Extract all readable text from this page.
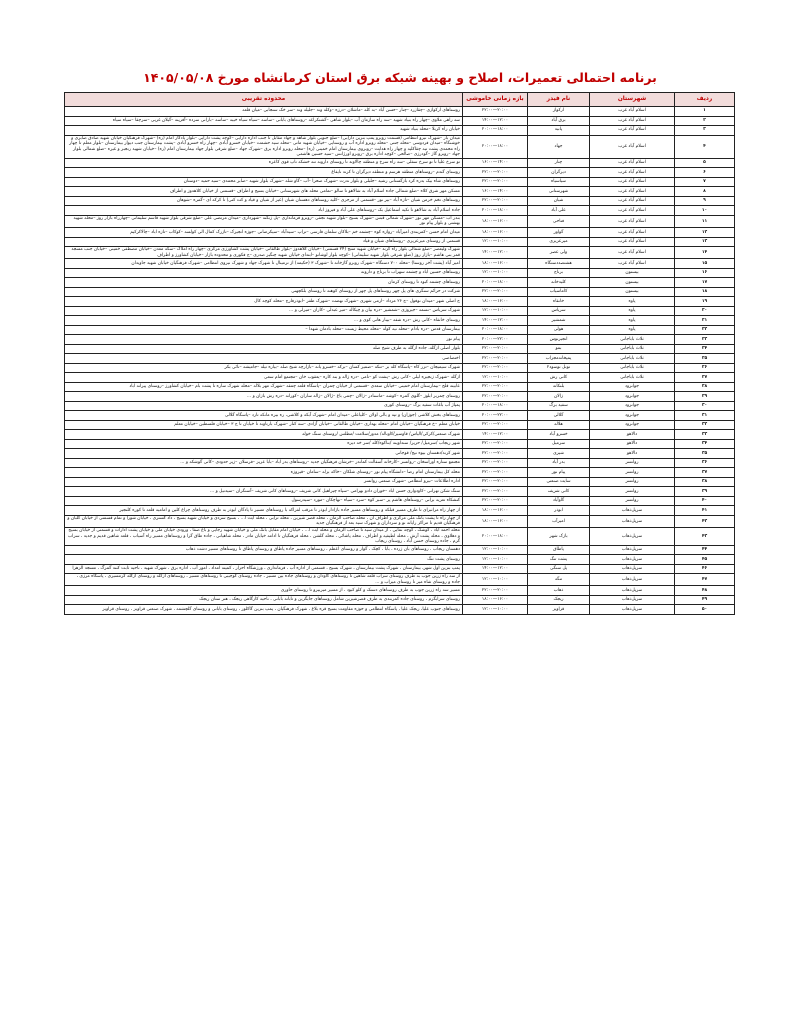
برنامه احتمالی تعمیرات، اصلاح و بهینه شبکه برق استان کرمانشاه مورخ ۱۴۰۵/۰۵/۰۸
ردیف	شهرستان	نام فیدر	بازه زمانی خاموشی	محدوده تقریبی
۱	اسلام آباد غرب	ارکواز	۲۰:۰۰—۲۲:۰۰	روستاهای ارکوازی –چقازرد –چنار –حسن آباد –به کله –ماشلان –درزه –وکله وند –جلیله وند –سر خک سنجابی –میان قلعه
۲	اسلام آباد غرب	برق آباد	۱۲:۰۰—۱۴:۰۰	سه راهی ملاوی –چهار راه بنیاد شهید –سه راه سازمان آب –بلوار شاهی –گشتکراغه –روستاهای بابانی –ساسه –سیاه سیاه خیبه –ساسه –بارانی سرده –آفرینه –گیلان غربی –سرچقا –سیاه سیاه
۳	اسلام آباد غرب	پانید	۱۸:۰۰—۲۰:۰۰	خیابان راه کربلا –محله بنیاد شهید
۴	اسلام آباد غرب	جهاد	۱۸:۰۰—۲۰:۰۰	میدان بار –شهرک نیرو انتظامی (قسمت روبرو پمپ بنزین دارایی) –ضلع جنوبی بلوار شاهد و جهاد مقابل تا جنب اداره دارایی –کوچه پشت دارایی –بلوار یادگار امام (ره) –شهرک فرهنگیان خیابان شهید صادق صابری و خوشنگاه –میدان فردوسی –محله جنتی –محله روبرو اداره آب و روستایی –خیابان شهید ماتی –محله سید حشمت –خیابان خسرو آبادی –چهار راه خسرو آبادی –پشت بیمارستان جنب دیوار بیمارستان –بلوار معلم تا چهار راه محمدی پشت تیه چقاکلیه و چهار راه هدایت –روبروی بیمارستان امام خمینی (ره) –محله روبرو اداره برق –شهرک جهاد –ضلع شرقی بلوار جهاد بیمارستان امام (ره) –خیابان شهید رنجبر و غیره –ضلع شمالی بلوار جهاد –روبرو گاز –گودرزی –صالحی –کوچه اداره برق –روبرو اورژانس –سید حسین هاشمی
۵	اسلام آباد غرب	چنار	۱۴:۰۰—۱۶:۰۰	تو سرخ علیا تا تو سرخ سفلی –سه راه سرخ و منطقه چالاوند تا روستای دارونه تنه خشکه تاپ قوی کاعره
۶	اسلام آباد غرب	دیرگران	۲۰:۰۰—۲۲:۰۰	روستای گندم –روستاهای منطقه هرسم و منطقه دیرگران تا کرند نایفاغ
۷	اسلام آباد غرب	سیاسیاه	۲۰:۰۰—۲۲:۰۰	روستاهای شاه بیک بدره کرد بازگستانی رشید –جلبلی و بلوار ندرت –شهرک صحرا –آب –گاو شله –شهرک بلوار شهید –صابر محمدی –سید حمید –دوستان
۸	اسلام آباد غرب	شهرستانی	۱۴:۰۰—۱۶:۰۰	مسکن مهر شرق کلاه –ضلع شمالی جاده اسلام آباد به شالاهو تا سالو –تمامی محله های شهرستانی –خیابان بسیج و اطراف –قسمتی از خیابان کلاهدوز و اطراف
۹	اسلام آباد غرب	شیان	۲۰:۰۰—۲۲:۰۰	روستاهای تخم خرمن شیان –تازه آباد –بیر نور –قسمتی از مرجزی –کلیه روستاهای دهستان شیان (غیر از شیان و قیاد و کت کتی) تا کرکه ای –گمره –شوهان
۱۰	اسلام آباد غرب	علی آباد	۱۸:۰۰—۲۰:۰۰	جاده اسلام آباد به شالاهو تا تکیه اسماعیل بک –روستاهای علی آباد و فیروز اباد
۱۱	اسلام آباد غرب	فتاحی	۱۶:۰۰—۱۸:۰۰	بندر اب –مسکن مهر نور –شهرک شمالی قبس –شهرک بسیج –بلوار شهید نجفی –روبرو فرمانداری –پل زنگنه –شهرداری –میدان مرتضی علی –ضلع شرقی بلوار شهید قاسم سلیمانی –چهارراه بازار روز –محله شهید بهشتی و بلوار پیام نور
۱۲	اسلام آباد غرب	گواور	۱۶:۰۰—۱۸:۰۰	میدان امام حسن –کمربندی امیرآباد –روازه کوه –چشمه خم –بلاکان سلمان فارسی –تراپ –سیدآباد –سیکرضانی –جوزه انجیرک –تازرک کمال الی کولسه –کوکاب –تازه اباد –چالاکرکیم
۱۳	اسلام آباد غرب	میرعزیزی	۱۰:۰۰—۱۲:۰۰	قسمتی از روستای میرعزیزی –روستاهای شیان و قیاد
۱۴	اسلام آباد غرب	ولی عصر	۱۲:۰۰—۱۴:۰۰	شهرک ولیعصر –ضلع شمالی بلوار راه کرند –خیابان شهید منتج (۲۴ قسمتی) –خیابان کلاهدوز –بلوار طالقانی –خیابان پشت کشاورزی مرکزی –چهار راه املاک –سکه معدن –خیابان مصطفی خمینی –خیابان جنب مسجد قمر بنی هاشم –بازار روز (ضلع شرقی بلوار شهید سلیمانی) –کوچه بلوار لوشانو –ابتدای خیابان شهید چنگیز صدری –ج فکوری و محدوده بازار –خیابان کشاورز و اطراف
۱۵	اسلام آباد غرب	هشتصددستگاه	۱۶:۰۰—۱۸:۰۰	امیر آباد (پشت آخر روستا) –محله ۷۰۰ دستگاه –شهرک روبرو گازخانه تا –شهرک ۳ (حکیمه) از ترمینال تا شهرک جهاد و شهرک نیروی انتظامی –شهرک فرهنگیان خیابان شهید جاویدان
۱۶	بیستون	برناج	۱۰:۰۰—۱۲:۰۰	روستاهای حسین اباد و چشمه سهراب تا برناج و دارونه
۱۷	بیستون	کلیدخانه	۱۸:۰۰—۲۰:۰۰	روستاهای چشمه کبود تا روستای کرمان
۱۸	بیستون	کاماسیاب	۲۰:۰۰—۲۲:۰۰	شرکت در حرائم سنگری های پل چهر روستاهای پل چهر از روستای کوهنه تا روستای بلکچهنی
۱۹	پاوه	خانقاه	۱۶:۰۰—۱۸:۰۰	ج اصلی شهر –میدان نوفول –ج ۲۶ مرداد –ارمی شهری –شهرک نهضت –شهرک ظفر –ابوذرفارج –محله کوچه کال
۲۰	پاوه	سریاس	۱۰:۰۰—۱۲:۰۰	شهرک سرباس –نسمه –جیروزی –شمشیر –دره بیان و چیکاله –میر عبدلی –کاران –میرلی و …
۲۱	پاوه	شمشیر	۱۲:۰۰—۱۴:۰۰	روستای خانقاه –کانی رش –دره شفه –بیبار هانی کوی و …
۲۲	پاوه	هولی	۱۸:۰۰—۲۰:۰۰	بیمارستان قدس –دره بادام –محله نیه کوله –محله محیط زیست –محله بادمان شهدا –
۲۳	ثلاث باباجانی	انجیرنوس	۲۲:۰۰—۲۰:۰۰	پیام نور
۲۴	ثلاث باباجانی	بمو	۲۰:۰۰—۲۲:۰۰	بلوار اصلی ازگله، جاده ازگله به طرف شیخ صله
۲۵	ثلاث باباجانی	پمپخانه‌مجراب	۲۰:۰۰—۲۲:۰۰	اختصاصی
۲۶	ثلاث باباجانی	تونل نوسود۲	۲۰:۰۰—۲۲:۰۰	شهرک سیمیجان –تزر کاه –پاسگاه کله بر –تنکه –ضمیر کسان –برکه –خسرو یانه –بازارچه شیخ صله –بیاره تیله –جامیشه –نائی بکر
۲۷	ثلاث باباجانی	کانی رش	۱۰:۰۰—۱۲:۰۰	ازگله –شهرک زنجیره لیلی –کانی رش –پشت کو –نامی –دره زاله و بنه کاره –یعقوب خان –مجتمع امام سعی
۲۸	جوانرود	بلنکانه	۲۰:۰۰—۲۲:۰۰	عابیته قلج –بیمارستان امام خمینی –خیابان سعدی –قسمتی از خیابان چمران –پاسگاه قلعه چمقه –شهرک مهر بلاله –محله شهرک ساره تا پشت بام –خیابان کشاورز –روستای پیرانه اباد
۲۹	جوانرود	زالان	۲۰:۰۰—۲۲:۰۰	روستای چمربر ابلوز –گلوی گمره –کوشه –ماسنادر –زالان –چمی باغ –ژالان –زاله ساران –کورانه –دره رش بازان و …
۳۰	جوانرود	سفید برگ	۱۸:۰۰—۲۰:۰۰	پمپاژ آب باغات سفید برگ –روستای کوری
۳۱	جوانرود	گلالی	۲۲:۰۰—۲۰:۰۰	روستاهای بخش کلاشی (جوزان) و تپه و بالی اولان –کلیاعلی –میدان امام –شهرک آبکه و کلاشی، ره بیره مانکه تارد –پاسگاه گلالی
۳۲	جوانرود	هلاله	۲۰:۰۰—۲۲:۰۰	خیابان معلم –خ فرهنگیان –خیابان امام –محله بهداری –خیابان طالقانی –خیابان آزادی –سه کنار –شهرک بارتاوند تا خیابان تا ج ۳ –خیابان فلسطین –خیابان معلم
۳۳	دالاهو	خسرو آباد	۱۲:۰۰—۱۴:۰۰	شهرک صنعتی/کرکی/الیاس/ قاوسیر/کاوناله/ مدور/سلامت /مطلس /روستای سنگ خوله
۳۴	دالاهو	سرمیل	۲۰:۰۰—۲۲:۰۰	شهر ریجاب /سرمیل/ حریر/ سنداوینه /بناکوه/کله /سر خه دیزه
۳۵	دالاهو	شیری	۲۰:۰۰—۲۲:۰۰	شهر کرند/دهستان بیوه نیج/ قوجانی
۳۶	روانسر	بدر آباد	۲۰:۰۰—۲۲:۰۰	مجتمع ستاره اوراسخان –روانسر –کارخانه آسفالت کماندر –خرشان فرهنگیان جدید –روستاهای بدر اباد –بابا عزیز –فرسلان –زیر حدودی –کانی گوشکه و ...
۳۷	روانسر	پیام نور	۲۰:۰۰—۲۲:۰۰	محله کل بیمارستان امام رضا –دانشگاه پیام نور –روستای شلکان –خاکه بزله –سامان –قیروزه
۳۸	روانسر	سایت صنعتی	۲۰:۰۰—۲۲:۰۰	اداره اطلاعات –نیرو انتظامی –شهرک صنعتی روانسر
۳۹	روانسر	کانی شریف	۲۰:۰۰—۲۲:۰۰	سنگ شکن تهرانی –کاودواری حسن اباد –خوران دادو بهرامی –سپاه چیراهیل کانی شریف –روستاهای کانی شریف –آسنگران –سیدنیل و …
۴۰	روانسر	گاوآباد	۲۰:۰۰—۲۲:۰۰	کنشکاه تعزیه برانی –روستاهای هاشم پر –سبز کوه –سرد –سیاه –نهاچکان –مورد –سیدرسول
۴۱	سرپل‌ذهاب	ابوذر	۱۶:۰۰—۱۸:۰۰	از چهار راه مراثبرای تا طرف مسیر قبلکه و روستاهای مسیر جاده بازادار ابوذر تا مرقب لفراکه با روستاهای مسیر تا پادگان ابوذر به طرف روستاهای چراغ کلین و امامیه قلعه تا کوره کلنجیر
۴۲	سرپل‌ذهاب	امیرآب	۱۶:۰۰—۱۸:۰۰	از چهار راه تا پشت بانک ملی مرکزی و اطراف آن ، محله صاحب الزمان ، محله قصر شیرین ، محله ترابی ، محله آیت ا… ، بسیج سردی و خیابان شهید بسیج ، داد گستری ، خیابان شورا و تمام قسمتی از خیابان گلبان و فرهنگیان قدیم تا مراکز رایانه نو و سرداران و شهرک سید بعد از فرهنگیان جدید
۴۳	سرپل‌ذهاب	بازک شهر	۱۸:۰۰—۲۰:۰۰	محله احمد آباد ، کوشک ، کوچه نمایی ، از میدان سید تا صاحب الزمان و محله آیت ا… ، خیابان امام مقابل بانک ملی و خیابان شهید رجایی و باغ صفا ، ورودی خیابان ملی و خیابان پشت ادارات و قسمتی از خیابان بسیج و دهلاوی ، محله پشت آرش ، محله لطیفیه و اطراف ، محله پاشائی ، محله گلشن ، محله فرهنگیان تا ادامه خیابان مادر ، محله شاهیانی ، جاده طاق گرا و روستاهای مسیر راه آسیاب ، قلعه شاهین قدیم و جدید ، سراب گرم ، جاده روستای حسن آباد ، روستای ریجاب
۴۴	سرپل‌ذهاب	پاطاق	۱۰:۰۰—۱۲:۰۰	دهستان ریجاب ، روستاهای بان زرده ، بابا ، کچک ، گوار و روستای اعظم ، روستاهای مسیر جاده پاطاق و روستای پاطاق تا روستاهای مسیر دشت ذهاب
۴۵	سرپل‌ذهاب	پشت تنگ	۱۰:۰۰—۱۲:۰۰	روستای پشت تنگ
۴۶	سرپل‌ذهاب	پل سنگی	۱۲:۰۰—۱۴:۰۰	پمپ بنزین اول شهر، بیمارستان ، شهرک پشت بیمارستان ، شهرک بسیج ، قسمتی از اداره آب ، فرمانداری ، ورزشگاه احرار ، کمیته امداد ، امور آب ، اداره برق ، شهرک شهید ، ناحیه ثابت کنند گمرگ ، مسجد الزهرا
۴۷	سرپل‌ذهاب	تنگه	۱۰:۰۰—۱۲:۰۰	از سه راه زرین جوب به طرف روستای سراب قلعه شاهین تا روستاهای گاودان و روستاهای جاده بین مسیر ، جاده روستای کوجیبی تا روستاهای مسیر ، روستاهای ازگله و روستای ازگله گرمسیری ، پاسگاه مرزی ، جاده و روستای شاه میر تا روستای میراب و ...
۴۸	سرپل‌ذهاب	ذهاب	۲۰:۰۰—۲۲:۰۰	مسیر سه راه زرین جوب به طرف روستاهای دستک و کلو کبود ، از مسیر میربیرو تا روستای حاوری
۴۹	سرپل‌ذهاب	ریجک	۱۶:۰۰—۱۸:۰۰	روستای سرابگرم ، روستای جاده کمربندی به طرف قصرشیرین شامل روستاهای جایگزین و تابانه بابانی ، ناحیه کارگاهی ریجک ، هنر ستان ریجک
۵۰	سرپل‌ذهاب	قراویز	۱۰:۰۰—۱۲:۰۰	روستاهای جنوب علیا، ریجک علیا ، پاسگاه انتظامی و حوزه مقاومت بسیج قره بلاغ ، شهرک فرهنگیان ، پمپ بنزین گاکلور ، روستای بابانی و روستای گلچشمه ، شهرک صنعتی قراویز ، روستای قراویز
